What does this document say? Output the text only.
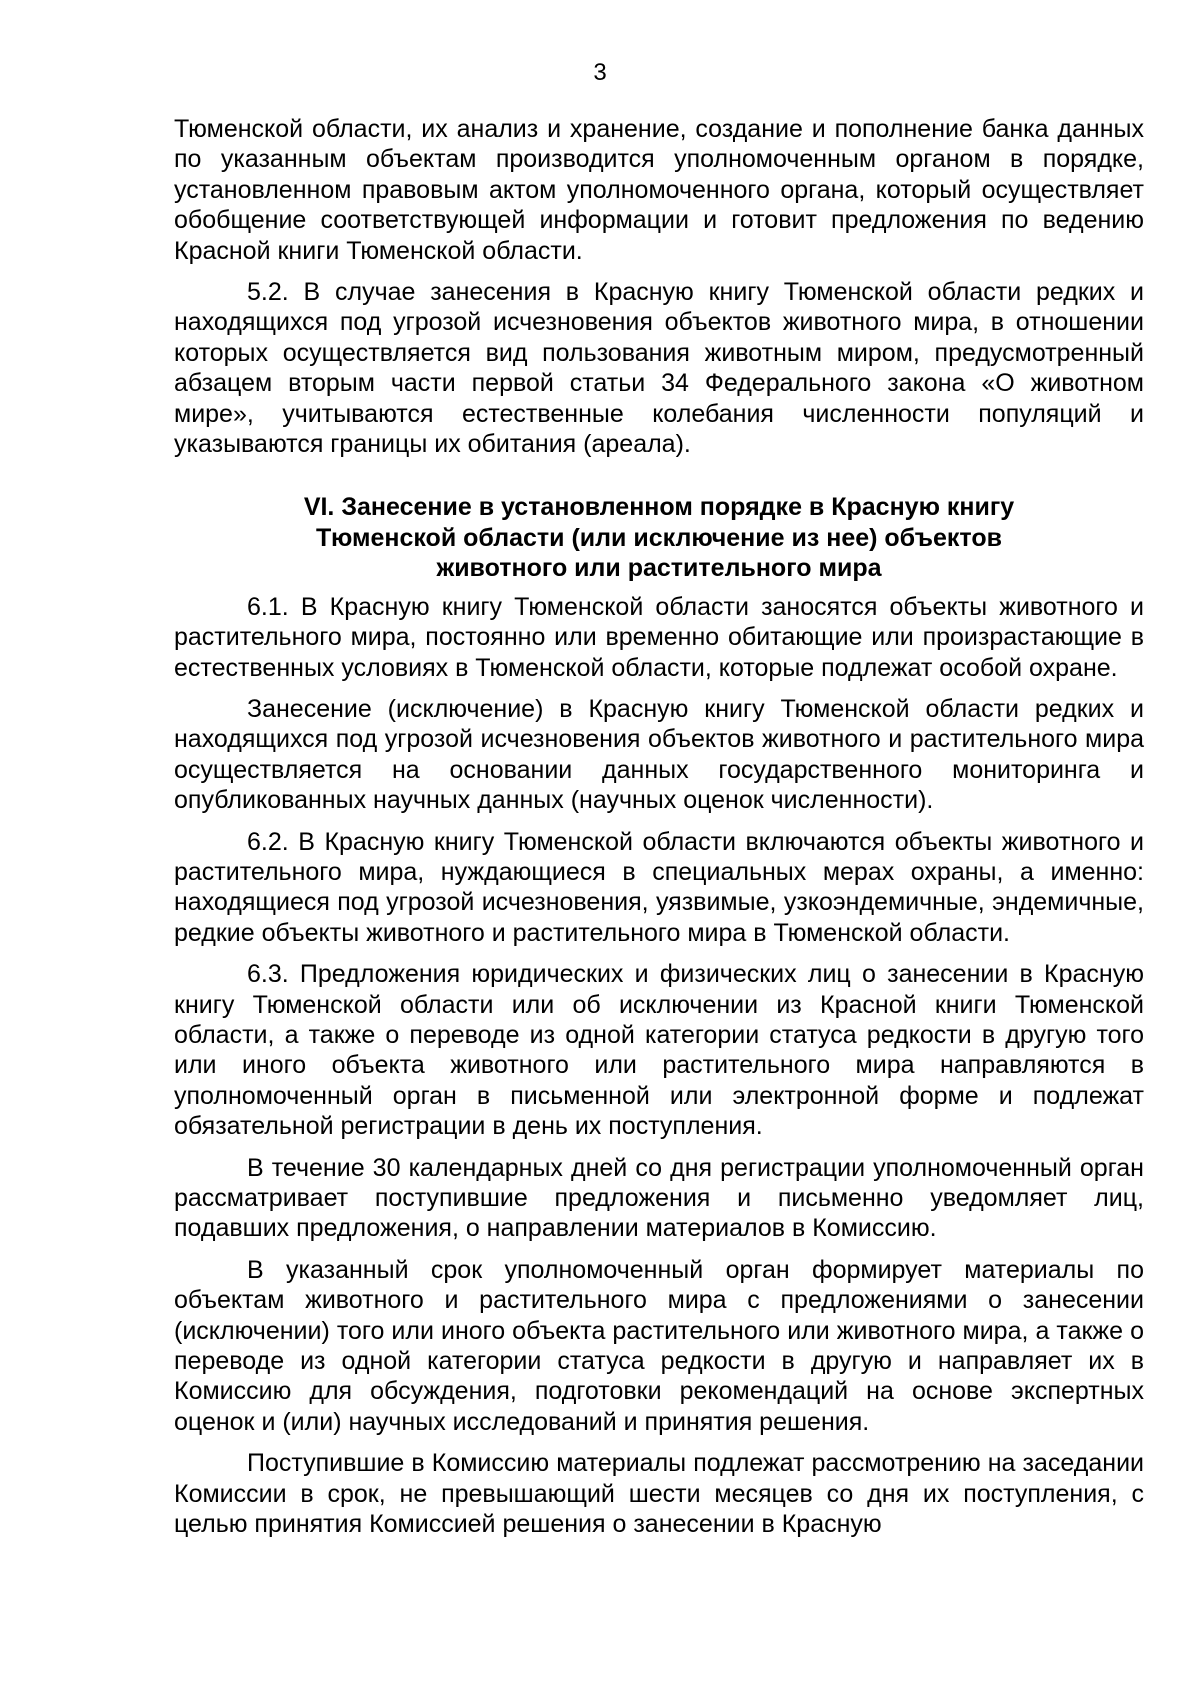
3

Тюменской области, их анализ и хранение, создание и пополнение банка данных по указанным объектам производится уполномоченным органом в порядке, установленном правовым актом уполномоченного органа, который осуществляет обобщение соответствующей информации и готовит предложения по ведению Красной книги Тюменской области.

5.2. В случае занесения в Красную книгу Тюменской области редких и находящихся под угрозой исчезновения объектов животного мира, в отношении которых осуществляется вид пользования животным миром, предусмотренный абзацем вторым части первой статьи 34 Федерального закона «О животном мире», учитываются естественные колебания численности популяций и указываются границы их обитания (ареала).

VI. Занесение в установленном порядке в Красную книгу
Тюменской области (или исключение из нее) объектов
животного или растительного мира

6.1. В Красную книгу Тюменской области заносятся объекты животного и растительного мира, постоянно или временно обитающие или произрастающие в естественных условиях в Тюменской области, которые подлежат особой охране.

Занесение (исключение) в Красную книгу Тюменской области редких и находящихся под угрозой исчезновения объектов животного и растительного мира осуществляется на основании данных государственного мониторинга и опубликованных научных данных (научных оценок численности).

6.2. В Красную книгу Тюменской области включаются объекты животного и растительного мира, нуждающиеся в специальных мерах охраны, а именно: находящиеся под угрозой исчезновения, уязвимые, узкоэндемичные, эндемичные, редкие объекты животного и растительного мира в Тюменской области.

6.3. Предложения юридических и физических лиц о занесении в Красную книгу Тюменской области или об исключении из Красной книги Тюменской области, а также о переводе из одной категории статуса редкости в другую того или иного объекта животного или растительного мира направляются в уполномоченный орган в письменной или электронной форме и подлежат обязательной регистрации в день их поступления.

В течение 30 календарных дней со дня регистрации уполномоченный орган рассматривает поступившие предложения и письменно уведомляет лиц, подавших предложения, о направлении материалов в Комиссию.

В указанный срок уполномоченный орган формирует материалы по объектам животного и растительного мира с предложениями о занесении (исключении) того или иного объекта растительного или животного мира, а также о переводе из одной категории статуса редкости в другую и направляет их в Комиссию для обсуждения, подготовки рекомендаций на основе экспертных оценок и (или) научных исследований и принятия решения.

Поступившие в Комиссию материалы подлежат рассмотрению на заседании Комиссии в срок, не превышающий шести месяцев со дня их поступления, с целью принятия Комиссией решения о занесении в Красную
